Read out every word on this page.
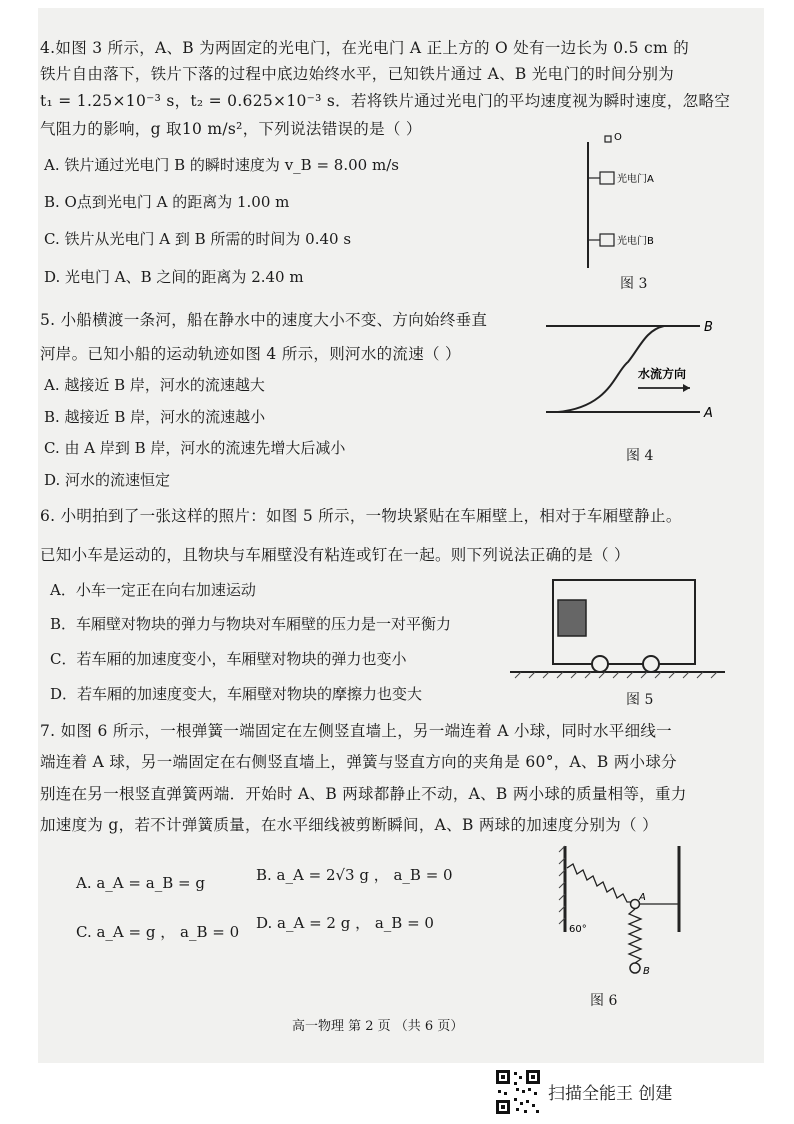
4.如图 3 所示，A、B 为两固定的光电门，在光电门 A 正上方的 O 处有一边长为 0.5 cm 的
铁片自由落下，铁片下落的过程中底边始终水平，已知铁片通过 A、B 光电门的时间分别为
t₁ = 1.25×10⁻³ s，t₂ = 0.625×10⁻³ s．若将铁片通过光电门的平均速度视为瞬时速度，忽略空
气阻力的影响，g 取10 m/s²，下列说法错误的是（ ）
A. 铁片通过光电门 B 的瞬时速度为 v_B = 8.00 m/s
B. O点到光电门 A 的距离为 1.00 m
C. 铁片从光电门 A 到 B 所需的时间为 0.40 s
D. 光电门 A、B 之间的距离为 2.40 m
O
光电门A
光电门B
图 3
5. 小船横渡一条河，船在静水中的速度大小不变、方向始终垂直
河岸。已知小船的运动轨迹如图 4 所示，则河水的流速（ ）
A. 越接近 B 岸，河水的流速越大
B. 越接近 B 岸，河水的流速越小
C. 由 A 岸到 B 岸，河水的流速先增大后减小
D. 河水的流速恒定
B
A
水流方向
图 4
6. 小明拍到了一张这样的照片：如图 5 所示，一物块紧贴在车厢壁上，相对于车厢壁静止。
已知小车是运动的，且物块与车厢壁没有粘连或钉在一起。则下列说法正确的是（ ）
A．小车一定正在向右加速运动
B．车厢壁对物块的弹力与物块对车厢壁的压力是一对平衡力
C．若车厢的加速度变小，车厢壁对物块的弹力也变小
D．若车厢的加速度变大，车厢壁对物块的摩擦力也变大	图 5
7. 如图 6 所示，一根弹簧一端固定在左侧竖直墙上，另一端连着 A 小球，同时水平细线一
端连着 A 球，另一端固定在右侧竖直墙上，弹簧与竖直方向的夹角是 60°，A、B 两小球分
别连在另一根竖直弹簧两端．开始时 A、B 两球都静止不动，A、B 两小球的质量相等，重力
加速度为 g，若不计弹簧质量，在水平细线被剪断瞬间，A、B 两球的加速度分别为（ ）
A. a_A = a_B = g	B. a_A = 2√3 g ， a_B = 0
C. a_A = g ， a_B = 0 D. a_A = 2 g ， a_B = 0	60°
A
B
图 6
高一物理 第 2 页 （共 6 页）
扫描全能王 创建
